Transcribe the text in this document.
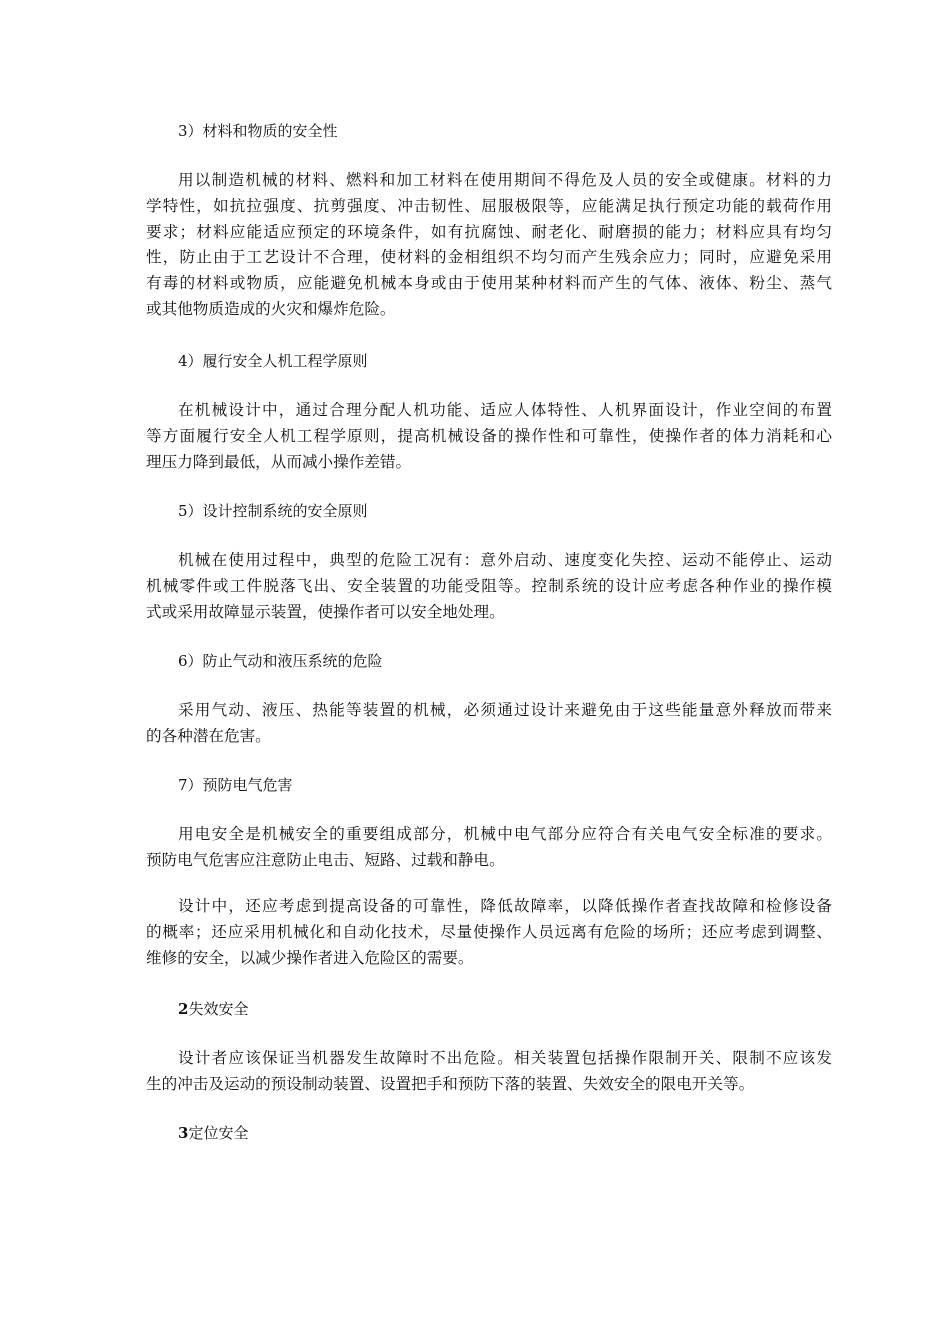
3）材料和物质的安全性
用以制造机械的材料、燃料和加工材料在使用期间不得危及人员的安全或健康。材料的力
学特性，如抗拉强度、抗剪强度、冲击韧性、屈服极限等，应能满足执行预定功能的载荷作用
要求；材料应能适应预定的环境条件，如有抗腐蚀、耐老化、耐磨损的能力；材料应具有均匀
性，防止由于工艺设计不合理，使材料的金相组织不均匀而产生残余应力；同时，应避免采用
有毒的材料或物质，应能避免机械本身或由于使用某种材料而产生的气体、液体、粉尘、蒸气
或其他物质造成的火灾和爆炸危险。
4）履行安全人机工程学原则
在机械设计中，通过合理分配人机功能、适应人体特性、人机界面设计，作业空间的布置
等方面履行安全人机工程学原则，提高机械设备的操作性和可靠性，使操作者的体力消耗和心
理压力降到最低，从而减小操作差错。
5）设计控制系统的安全原则
机械在使用过程中，典型的危险工况有：意外启动、速度变化失控、运动不能停止、运动
机械零件或工件脱落飞出、安全装置的功能受阻等。控制系统的设计应考虑各种作业的操作模
式或采用故障显示装置，使操作者可以安全地处理。
6）防止气动和液压系统的危险
采用气动、液压、热能等装置的机械，必须通过设计来避免由于这些能量意外释放而带来
的各种潜在危害。
7）预防电气危害
用电安全是机械安全的重要组成部分，机械中电气部分应符合有关电气安全标准的要求。
预防电气危害应注意防止电击、短路、过载和静电。
设计中，还应考虑到提高设备的可靠性，降低故障率，以降低操作者查找故障和检修设备
的概率；还应采用机械化和自动化技术，尽量使操作人员远离有危险的场所；还应考虑到调整、
维修的安全，以减少操作者进入危险区的需要。
2失效安全
设计者应该保证当机器发生故障时不出危险。相关装置包括操作限制开关、限制不应该发
生的冲击及运动的预设制动装置、设置把手和预防下落的装置、失效安全的限电开关等。
3定位安全
